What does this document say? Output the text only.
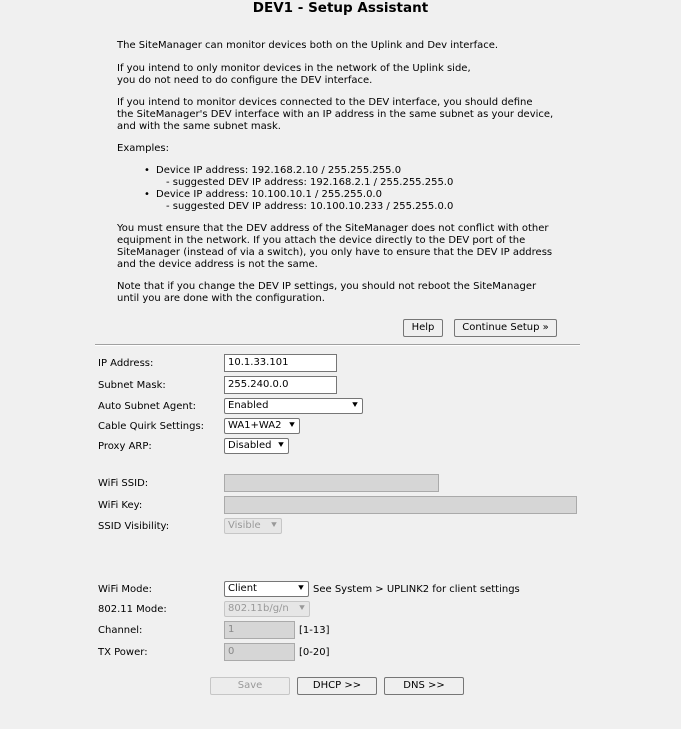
DEV1 - Setup Assistant

The SiteManager can monitor devices both on the Uplink and Dev interface.

If you intend to only monitor devices in the network of the Uplink side,

you do not need to do configure the DEV interface.

If you intend to monitor devices connected to the DEV interface, you should define

the SiteManager's DEV interface with an IP address in the same subnet as your device,

and with the same subnet mask.

Examples:

You must ensure that the DEV address of the SiteManager does not conflict with other

equipment in the network. If you attach the device directly to the DEV port of the

SiteManager (instead of via a switch), you only have to ensure that the DEV IP address

and the device address is not the same.

Note that if you change the DEV IP settings, you should not reboot the SiteManager

until you are done with the configuration.

• Device IP address: 192.168.2.10 / 255.255.255.0
- suggested DEV IP address: 192.168.2.1 / 255.255.255.0
• Device IP address: 10.100.10.1 / 255.255.0.0
- suggested DEV IP address: 10.100.10.233 / 255.255.0.0
Help	Continue Setup »
IP Address:	10.1.33.101
Subnet Mask:	255.240.0.0
Auto Subnet Agent:	Enabled	⯆
Cable Quirk Settings:	WA1+WA2 ⯆
Proxy ARP:	Disabled ⯆
WiFi SSID:
WiFi Key:
SSID Visibility:	Visible ⯆
WiFi Mode:	Client	⯆ See System > UPLINK2 for client settings
802.11 Mode:	802.11b/g/n ⯆
Channel:	1	[1-13]
TX Power:	0	[0-20]
Save	DHCP >>	DNS >>
